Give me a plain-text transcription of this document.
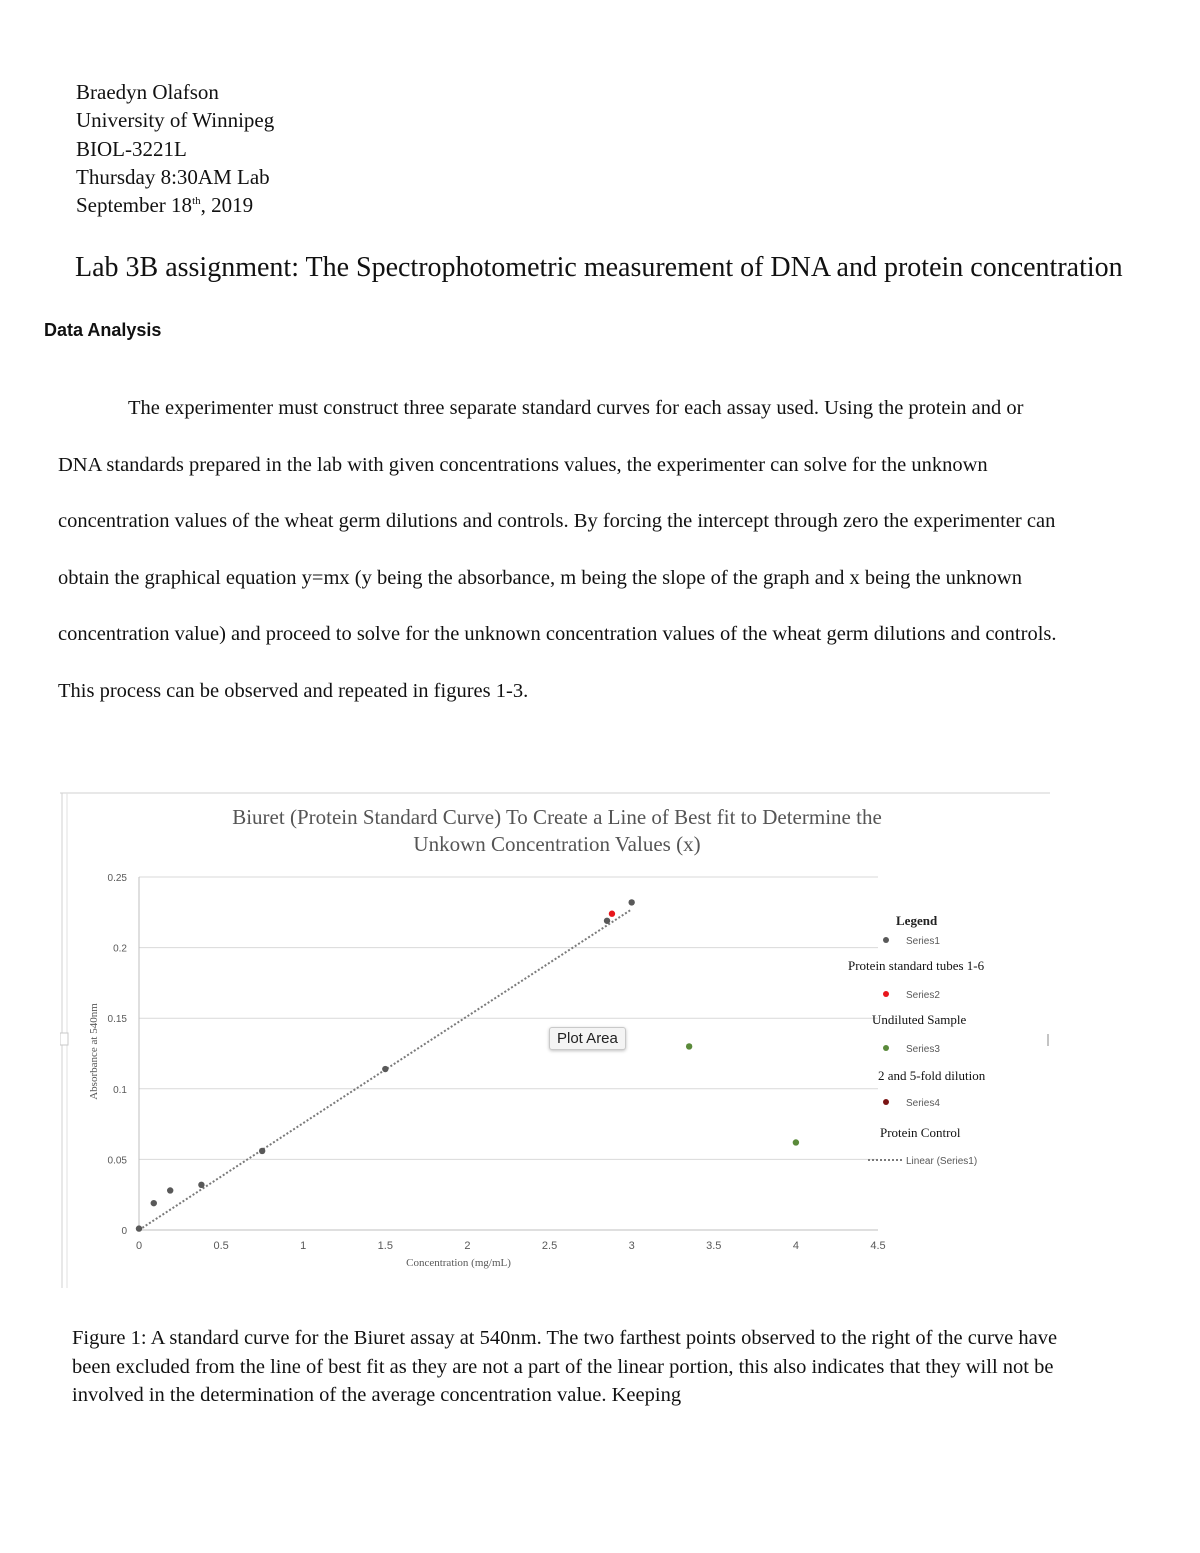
Braedyn Olafson
University of Winnipeg
BIOL-3221L
Thursday 8:30AM Lab
September 18th, 2019
Lab 3B assignment: The Spectrophotometric measurement of DNA and protein concentration
Data Analysis
The experimenter must construct three separate standard curves for each assay used. Using the protein and or DNA standards prepared in the lab with given concentrations values, the experimenter can solve for the unknown concentration values of the wheat germ dilutions and controls. By forcing the intercept through zero the experimenter can obtain the graphical equation y=mx (y being the absorbance, m being the slope of the graph and x being the unknown concentration value) and proceed to solve for the unknown concentration values of the wheat germ dilutions and controls. This process can be observed and repeated in figures 1-3.
Biuret (Protein Standard Curve) To Create a Line of Best fit to Determine the
Unkown Concentration Values (x)
0
0.05
0.1
0.15
0.2
0.25
0	0.5	1	1.5	2	2.5	3	3.5	4	4.5
Concentration (mg/mL)
Absorbance at 540nm
Legend
Series1
Protein standard tubes 1-6
Series2
Undiluted Sample
Series3
2 and 5-fold dilution
Series4
Protein Control
Linear (Series1)
Plot Area
Figure 1: A standard curve for the Biuret assay at 540nm. The two farthest points observed to the right of the curve have been excluded from the line of best fit as they are not a part of the linear portion, this also indicates that they will not be involved in the determination of the average concentration value. Keeping
